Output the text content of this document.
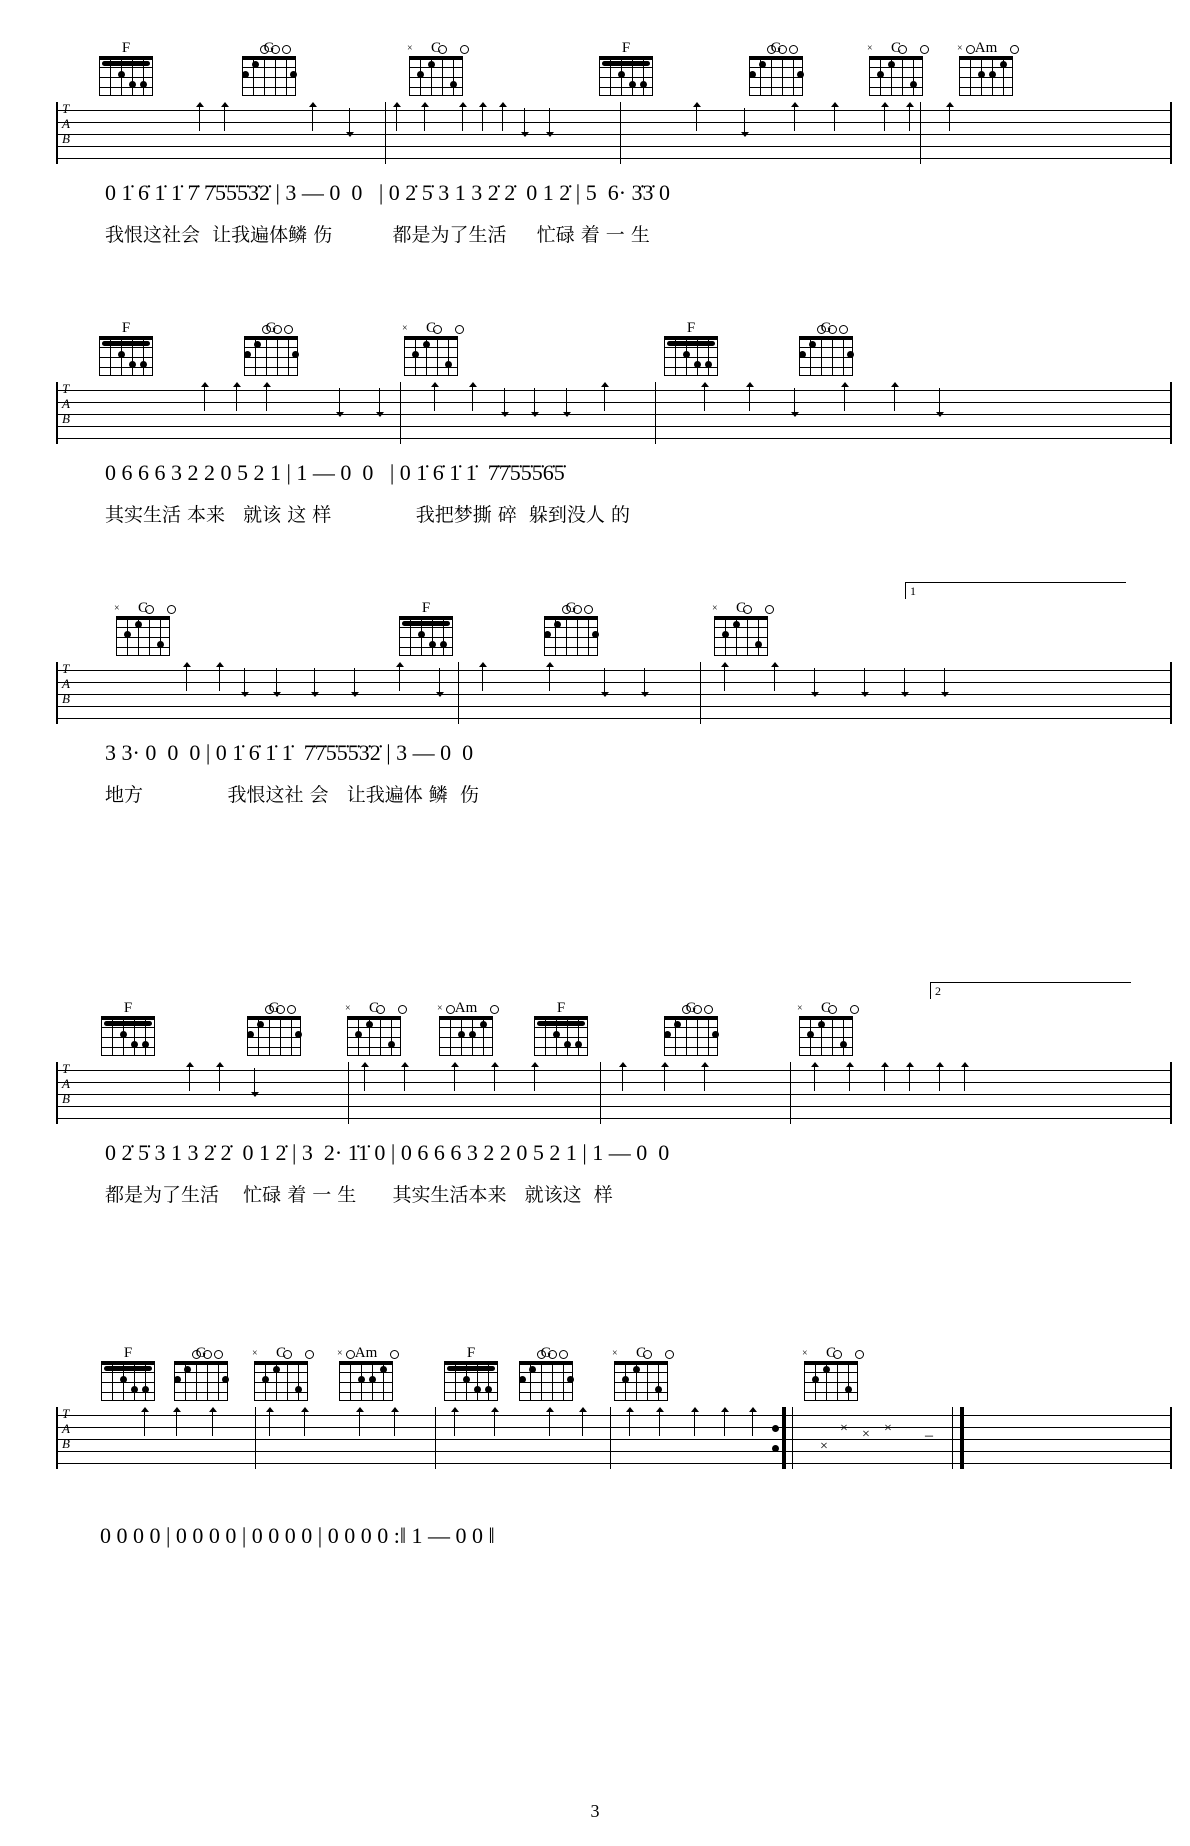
F	G	C
×	F	G	C
×	Am
×
T
A
B
0 1̇ 6̇ 1̇ 1̇ 7̇ 7̇5̇5̇5̇3̇2̇ | 3 — 0  0   | 0 2̇ 5̇ 3 1 3 2̇ 2̇  0 1 2̇ | 5  6· 3̇3̇ 0
我恨这社会  让我遍体鳞 伤          都是为了生活     忙碌 着 一 生
F	G	C
×	F	G
T
A
B
0 6 6 6 3 2 2 0 5 2 1 | 1 — 0  0   | 0 1̇ 6̇ 1̇ 1̇  7̇7̇5̇5̇5̇6̇5̇
其实生活 本来   就该 这 样              我把梦撕 碎  躲到没人 的
C
×	F	G	C
×
T
A
B
3 3· 0  0  0 | 0 1̇ 6̇ 1̇ 1̇  7̇7̇5̇5̇5̇3̇2̇ | 3 — 0  0
地方              我恨这社 会   让我遍体 鳞  伤
1
F	G	C
×	Am
×	F	G	C
×
T
A
B
0 2̇ 5̇ 3 1 3 2̇ 2̇  0 1 2̇ | 3  2· 1̇1̇ 0 | 0 6 6 6 3 2 2 0 5 2 1 | 1 — 0  0
都是为了生活    忙碌 着 一 生      其实生活本来   就该这  样
2
F	G	C
×	Am
×	F	G	C
×	C
×
T
A
B
× × ×
×
–
0 0 0 0 | 0 0 0 0 | 0 0 0 0 | 0 0 0 0 :‖ 1 — 0 0 ‖
3
